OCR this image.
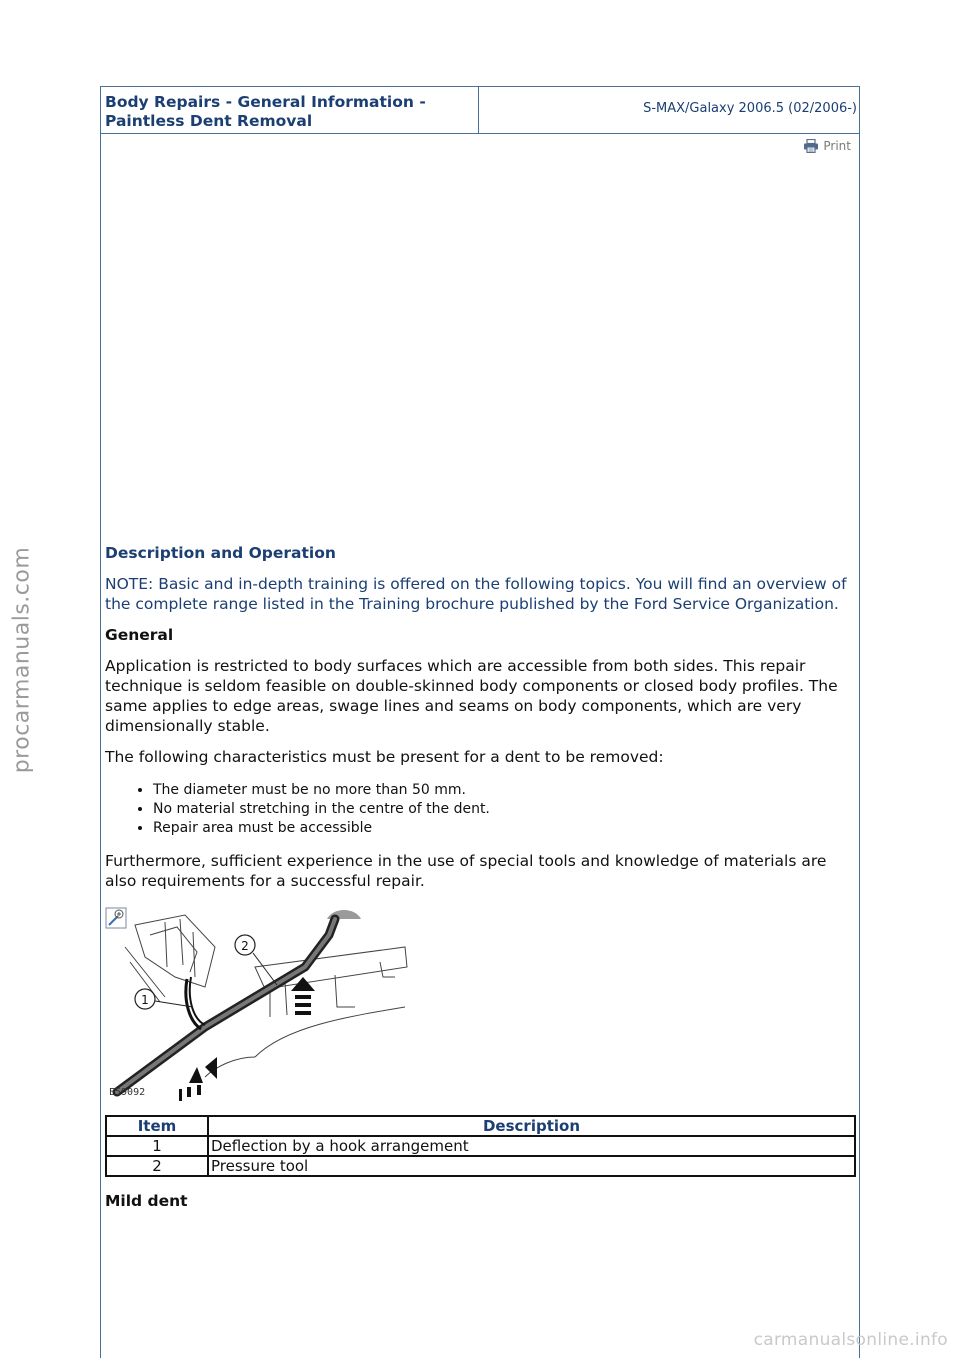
procarmanuals.com
Body Repairs - General Information -
Paintless Dent Removal
S-MAX/Galaxy 2006.5 (02/2006-)
Print
Description and Operation
NOTE: Basic and in-depth training is offered on the following topics. You will find an overview of the complete range listed in the Training brochure published by the Ford Service Organization.
General

Application is restricted to body surfaces which are accessible from both sides. This repair technique is seldom feasible on double-skinned body components or closed body profiles. The same applies to edge areas, swage lines and seams on body components, which are very dimensionally stable.

The following characteristics must be present for a dent to be removed:

• The diameter must be no more than 50 mm.
• No material stretching in the centre of the dent.
• Repair area must be accessible

Furthermore, sufficient experience in the use of special tools and knowledge of materials are also requirements for a successful repair.

1
2
E59092
Item	Description
1	Deflection by a hook arrangement
2	Pressure tool
Mild dent
carmanualsonline.info
